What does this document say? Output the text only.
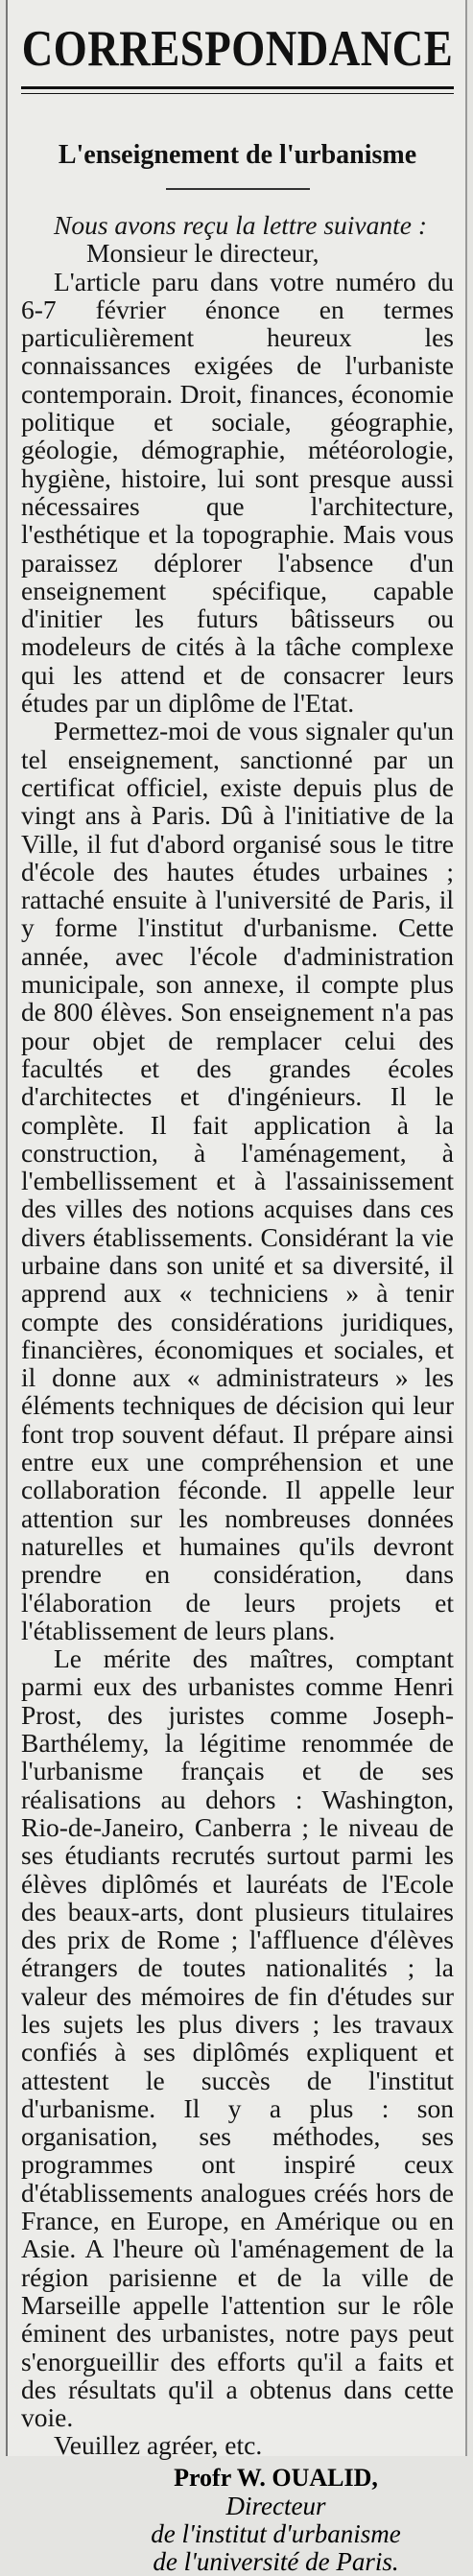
CORRESPONDANCE
L'enseignement de l'urbanisme

Nous avons reçu la lettre suivante :

Monsieur le directeur,

L'article paru dans votre numéro du 6-7 février énonce en termes particulièrement heureux les connaissances exigées de l'urbaniste contemporain. Droit, finances, économie politique et sociale, géographie, géologie, démographie, météorologie, hygiène, histoire, lui sont presque aussi nécessaires que l'architecture, l'esthétique et la topographie. Mais vous paraissez déplorer l'absence d'un enseignement spécifique, capable d'initier les futurs bâtisseurs ou modeleurs de cités à la tâche complexe qui les attend et de consacrer leurs études par un diplôme de l'Etat.

Permettez-moi de vous signaler qu'un tel enseignement, sanctionné par un certificat officiel, existe depuis plus de vingt ans à Paris. Dû à l'initiative de la Ville, il fut d'abord organisé sous le titre d'école des hautes études urbaines ; rattaché ensuite à l'université de Paris, il y forme l'institut d'urbanisme. Cette année, avec l'école d'administration municipale, son annexe, il compte plus de 800 élèves. Son enseignement n'a pas pour objet de remplacer celui des facultés et des grandes écoles d'architectes et d'ingénieurs. Il le complète. Il fait application à la construction, à l'aménagement, à l'embellissement et à l'assainissement des villes des notions acquises dans ces divers établissements. Considérant la vie urbaine dans son unité et sa diversité, il apprend aux « techniciens » à tenir compte des considérations juridiques, financières, économiques et sociales, et il donne aux « administrateurs » les éléments techniques de décision qui leur font trop souvent défaut. Il prépare ainsi entre eux une compréhension et une collaboration féconde. Il appelle leur attention sur les nombreuses données naturelles et humaines qu'ils devront prendre en considération, dans l'élaboration de leurs projets et l'établissement de leurs plans.

Le mérite des maîtres, comptant parmi eux des urbanistes comme Henri Prost, des juristes comme Joseph-Barthélemy, la légitime renommée de l'urbanisme français et de ses réalisations au dehors : Washington, Rio-de-Janeiro, Canberra ; le niveau de ses étudiants recrutés surtout parmi les élèves diplômés et lauréats de l'Ecole des beaux-arts, dont plusieurs titulaires des prix de Rome ; l'affluence d'élèves étrangers de toutes nationalités ; la valeur des mémoires de fin d'études sur les sujets les plus divers ; les travaux confiés à ses diplômés expliquent et attestent le succès de l'institut d'urbanisme. Il y a plus : son organisation, ses méthodes, ses programmes ont inspiré ceux d'établissements analogues créés hors de France, en Europe, en Amérique ou en Asie. A l'heure où l'aménagement de la région parisienne et de la ville de Marseille appelle l'attention sur le rôle éminent des urbanistes, notre pays peut s'enorgueillir des efforts qu'il a faits et des résultats qu'il a obtenus dans cette voie.

Veuillez agréer, etc.

Profr W. OUALID,
Directeur
de l'institut d'urbanisme
de l'université de Paris.
